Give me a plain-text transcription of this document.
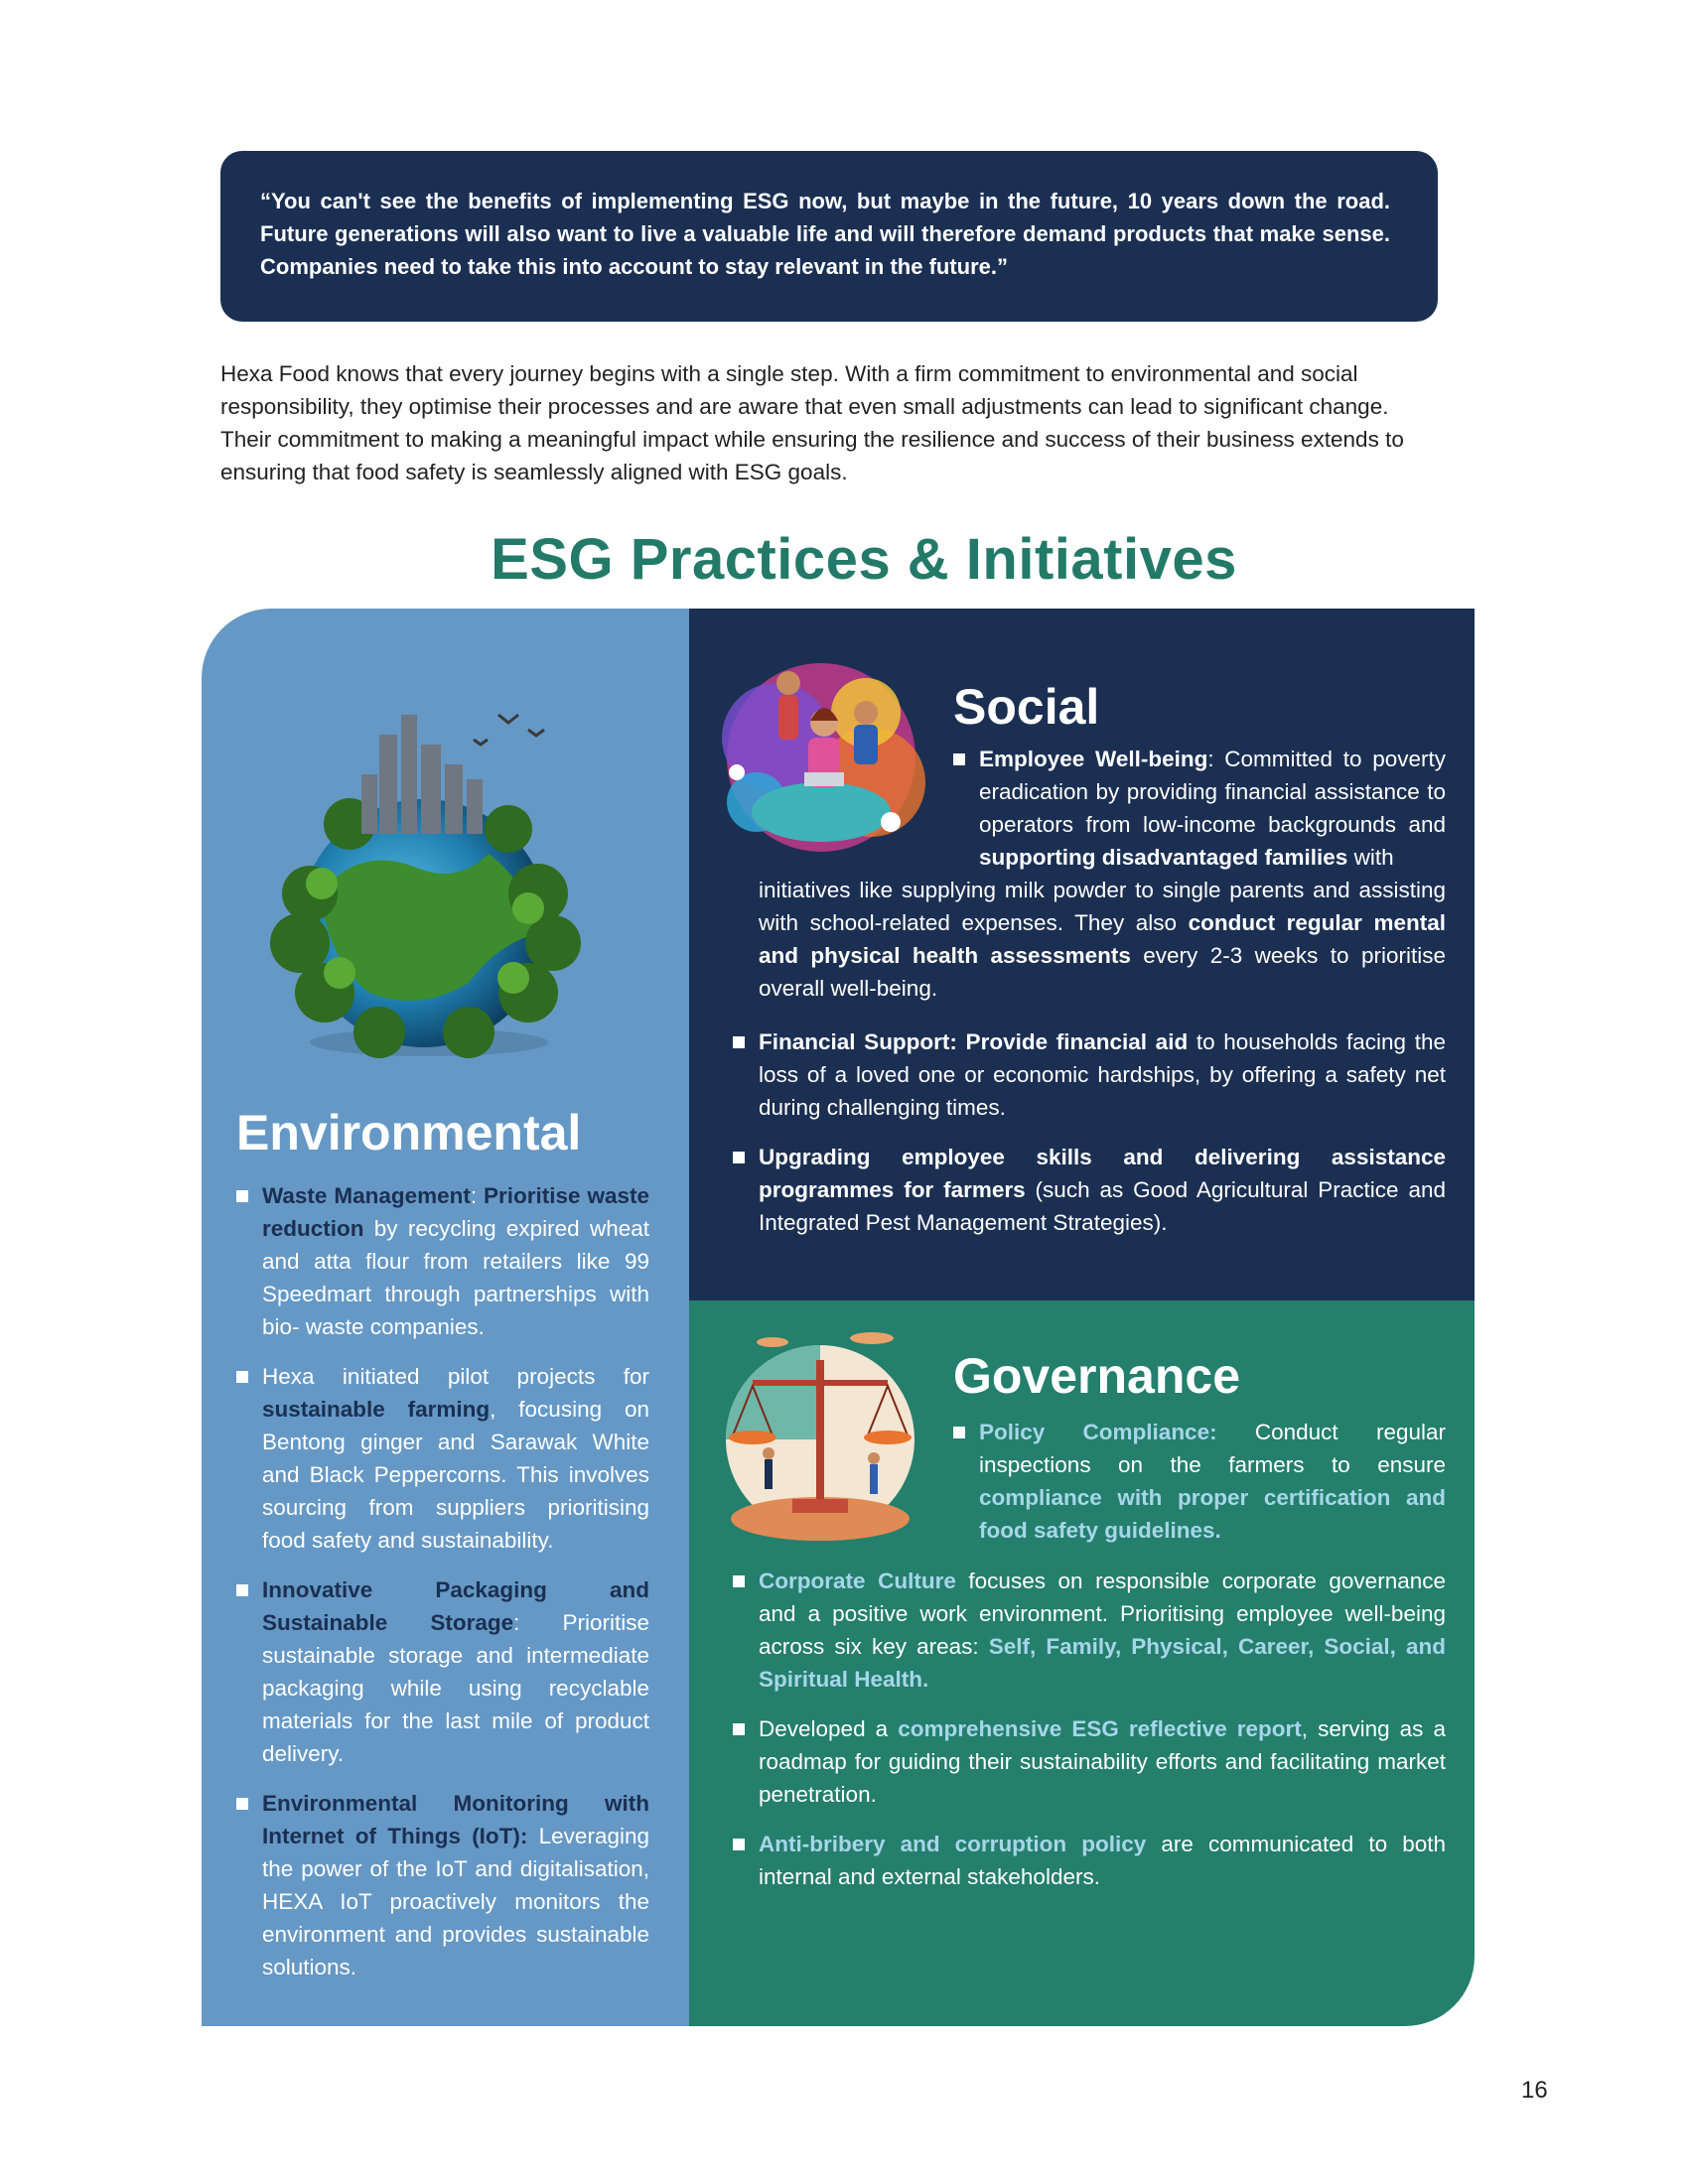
“You can't see the benefits of implementing ESG now, but maybe in the future, 10 years down the road. Future generations will also want to live a valuable life and will therefore demand products that make sense. Companies need to take this into account to stay relevant in the future.”
Hexa Food knows that every journey begins with a single step. With a firm commitment to environmental and social responsibility, they optimise their processes and are aware that even small adjustments can lead to significant change. Their commitment to making a meaningful impact while ensuring the resilience and success of their business extends to ensuring that food safety is seamlessly aligned with ESG goals.
ESG Practices & Initiatives
Environmental
Waste Management: Prioritise waste reduction by recycling expired wheat and atta flour from retailers like 99 Speedmart through partnerships with bio- waste companies.
Hexa initiated pilot projects for sustainable farming, focusing on Bentong ginger and Sarawak White and Black Peppercorns. This involves sourcing from suppliers prioritising food safety and sustainability.
Innovative Packaging and Sustainable Storage: Prioritise sustainable storage and intermediate packaging while using recyclable materials for the last mile of product delivery.
Environmental Monitoring with Internet of Things (IoT): Leveraging the power of the IoT and digitalisation, HEXA IoT proactively monitors the environment and provides sustainable solutions.
Social
Employee Well-being: Committed to poverty eradication by providing financial assistance to operators from low-income backgrounds and supporting disadvantaged families with
initiatives like supplying milk powder to single parents and assisting with school-related expenses. They also conduct regular mental and physical health assessments every 2-3 weeks to prioritise overall well-being.
Financial Support: Provide financial aid to households facing the loss of a loved one or economic hardships, by offering a safety net during challenging times.
Upgrading employee skills and delivering assistance programmes for farmers (such as Good Agricultural Practice and Integrated Pest Management Strategies).
Governance
Policy Compliance: Conduct regular inspections on the farmers to ensure compliance with proper certification and food safety guidelines.
Corporate Culture focuses on responsible corporate governance and a positive work environment. Prioritising employee well-being across six key areas: Self, Family, Physical, Career, Social, and Spiritual Health.
Developed a comprehensive ESG reflective report, serving as a roadmap for guiding their sustainability efforts and facilitating market penetration.
Anti-bribery and corruption policy are communicated to both internal and external stakeholders.
16
